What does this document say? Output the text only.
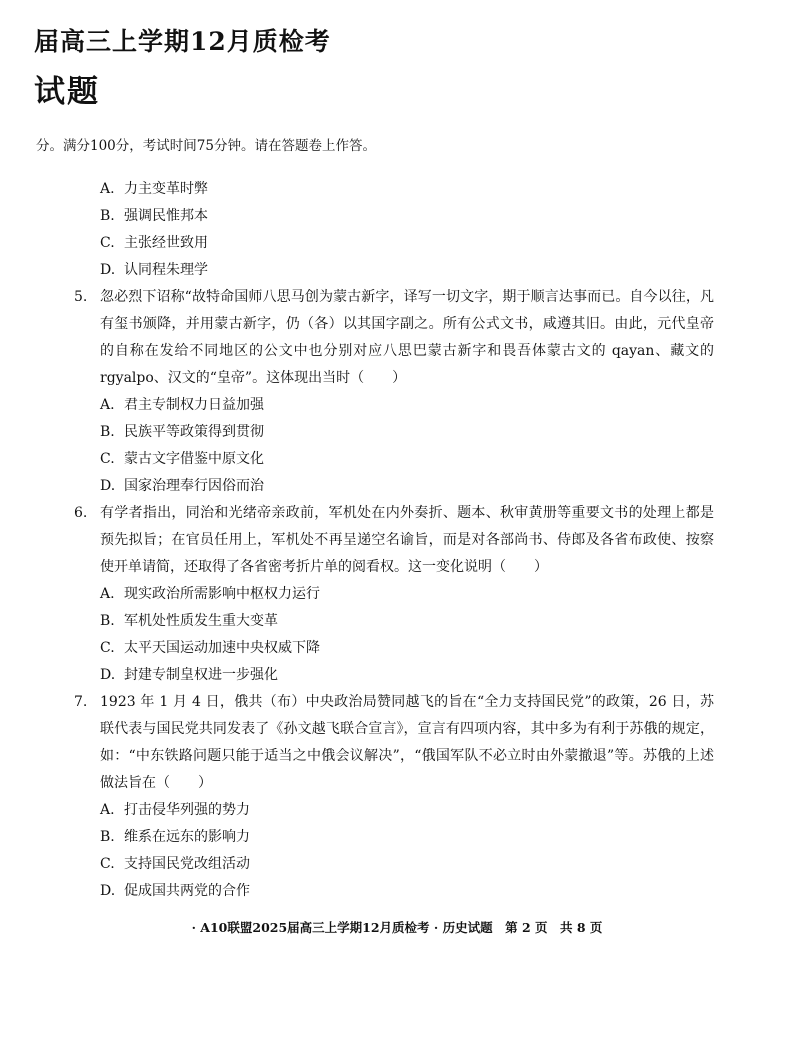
届高三上学期12月质检考
试题
分。满分100分，考试时间75分钟。请在答题卷上作答。
A. 力主变革时弊
B. 强调民惟邦本
C. 主张经世致用
D. 认同程朱理学
5. 忽必烈下诏称“故特命国师八思马创为蒙古新字，译写一切文字，期于顺言达事而已。自今以往，凡有玺书颁降，并用蒙古新字，仍（各）以其国字副之。所有公式文书，咸遵其旧。由此，元代皇帝的自称在发给不同地区的公文中也分别对应八思巴蒙古新字和畏吾体蒙古文的 qayan、藏文的 rgyalpo、汉文的“皇帝”。这体现出当时（　　）
A. 君主专制权力日益加强
B. 民族平等政策得到贯彻
C. 蒙古文字借鉴中原文化
D. 国家治理奉行因俗而治
6. 有学者指出，同治和光绪帝亲政前，军机处在内外奏折、题本、秋审黄册等重要文书的处理上都是预先拟旨；在官员任用上，军机处不再呈递空名谕旨，而是对各部尚书、侍郎及各省布政使、按察使开单请简，还取得了各省密考折片单的阅看权。这一变化说明（　　）
A. 现实政治所需影响中枢权力运行
B. 军机处性质发生重大变革
C. 太平天国运动加速中央权威下降
D. 封建专制皇权进一步强化
7. 1923 年 1 月 4 日，俄共（布）中央政治局赞同越飞的旨在“全力支持国民党”的政策，26 日，苏联代表与国民党共同发表了《孙文越飞联合宣言》，宣言有四项内容，其中多为有利于苏俄的规定，如：“中东铁路问题只能于适当之中俄会议解决”，“俄国军队不必立时由外蒙撤退”等。苏俄的上述做法旨在（　　）
A. 打击侵华列强的势力
B. 维系在远东的影响力
C. 支持国民党改组活动
D. 促成国共两党的合作
· A10联盟2025届高三上学期12月质检考 · 历史试题　第 2 页　共 8 页
